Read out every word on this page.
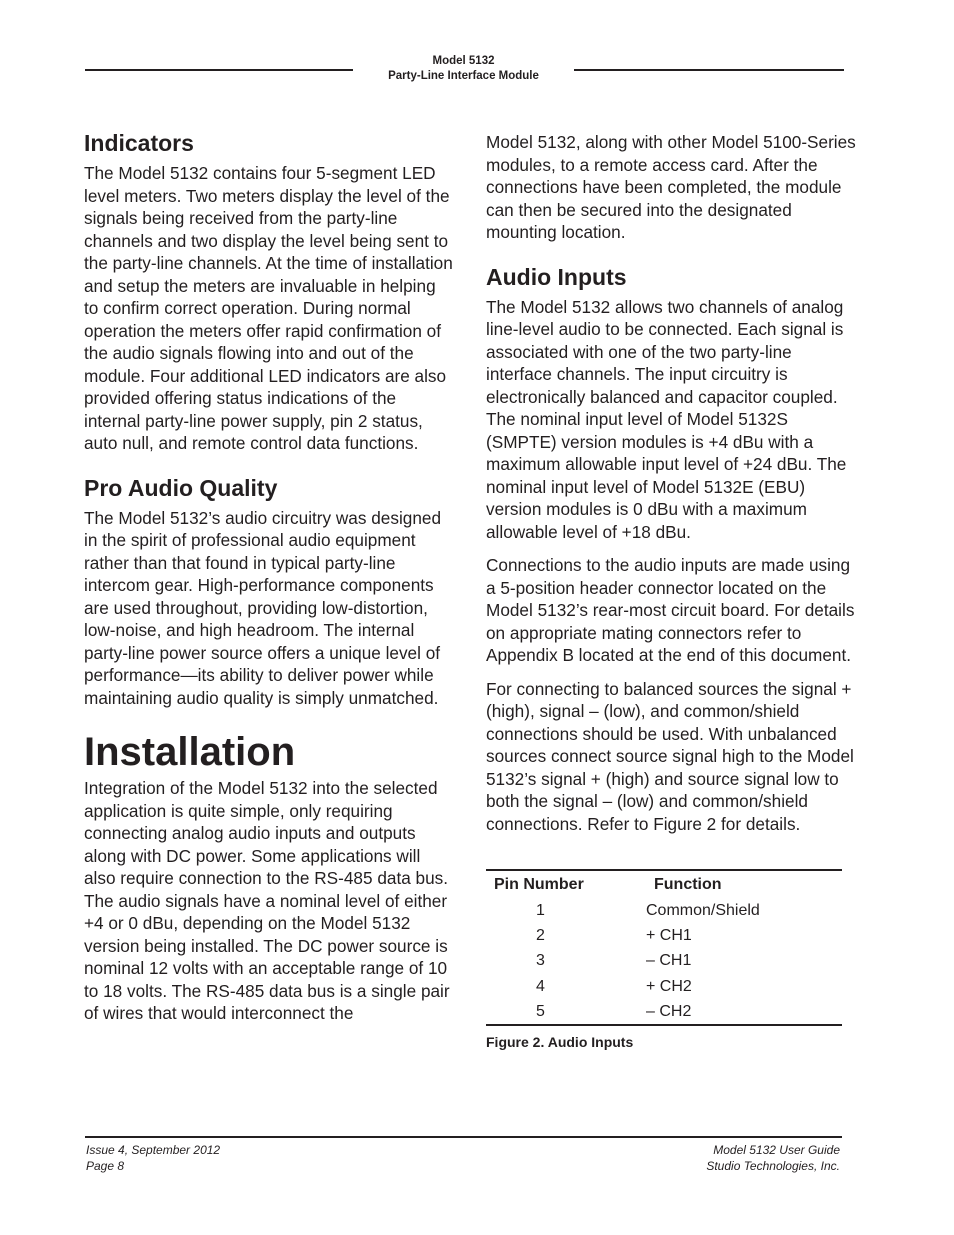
Model 5132
Party-Line Interface Module
Indicators

The Model 5132 contains four 5-segment LED level meters. Two meters display the level of the signals being received from the party-line channels and two display the level being sent to the party-line channels. At the time of installation and setup the meters are invaluable in helping to confirm correct operation. During normal operation the meters offer rapid confirmation of the audio signals flowing into and out of the module. Four additional LED indicators are also provided offering status indications of the internal party-line power supply, pin 2 status, auto null, and remote control data functions.

Pro Audio Quality

The Model 5132’s audio circuitry was designed in the spirit of professional audio equipment rather than that found in typical party-line intercom gear. High-performance components are used throughout, providing low-distortion, low-noise, and high headroom. The internal party-line power source offers a unique level of performance—its ability to deliver power while maintaining audio quality is simply unmatched.

Installation

Integration of the Model 5132 into the selected application is quite simple, only requiring connecting analog audio inputs and outputs along with DC power. Some applications will also require connection to the RS-485 data bus. The audio signals have a nominal level of either +4 or 0 dBu, depending on the Model 5132 version being installed. The DC power source is nominal 12 volts with an acceptable range of 10 to 18 volts. The RS-485 data bus is a single pair of wires that would interconnect the

Model 5132, along with other Model 5100-Series modules, to a remote access card. After the connections have been completed, the module can then be secured into the designated mounting location.

Audio Inputs

The Model 5132 allows two channels of analog line-level audio to be connected. Each signal is associated with one of the two party-line interface channels. The input circuitry is electronically balanced and capacitor coupled. The nominal input level of Model 5132S (SMPTE) version modules is +4 dBu with a maximum allowable input level of +24 dBu. The nominal input level of Model 5132E (EBU) version modules is 0 dBu with a maximum allowable level of +18 dBu.

Connections to the audio inputs are made using a 5-position header connector located on the Model 5132’s rear-most circuit board. For details on appropriate mating connectors refer to Appendix B located at the end of this document.

For connecting to balanced sources the signal + (high), signal – (low), and common/shield connections should be used. With unbalanced sources connect source signal high to the Model 5132’s signal + (high) and source signal low to both the signal – (low) and common/shield connections. Refer to Figure 2 for details.

Pin Number	Function
1	Common/Shield
2	+ CH1
3	– CH1
4	+ CH2
5	– CH2
Figure 2. Audio Inputs
Issue 4, September 2012
Page 8
Model 5132 User Guide
Studio Technologies, Inc.
